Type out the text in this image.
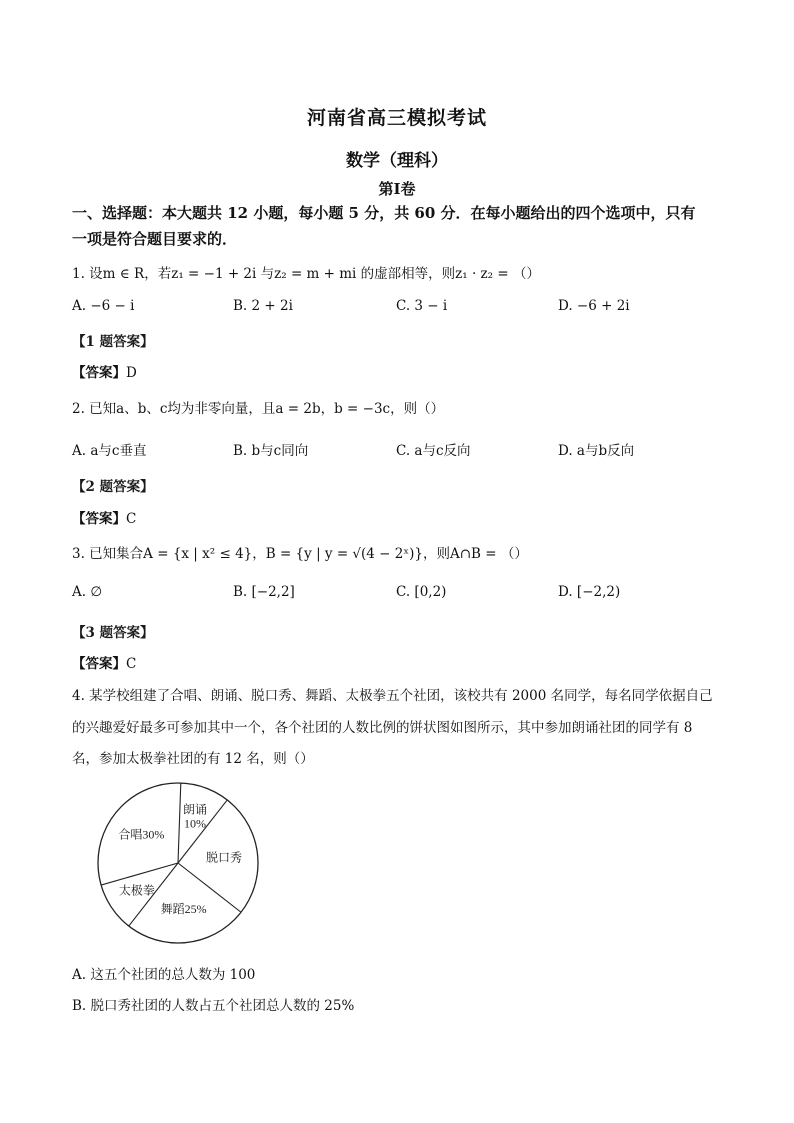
河南省高三模拟考试
数学（理科）
第I卷
一、选择题：本大题共 12 小题，每小题 5 分，共 60 分．在每小题给出的四个选项中，只有
一项是符合题目要求的．
1. 设m ∈ R，若z₁ = −1 + 2i 与z₂ = m + mi 的虚部相等，则z₁ · z₂ = （）
A. −6 − i	B. 2 + 2i	C. 3 − i	D. −6 + 2i
【1 题答案】
【答案】D
2. 已知a、b、c均为非零向量，且a = 2b，b = −3c，则（）
A. a与c垂直	B. b与c同向	C. a与c反向	D. a与b反向
【2 题答案】
【答案】C
3. 已知集合A = {x | x² ≤ 4}，B = {y | y = √(4 − 2ˣ)}，则A∩B = （）
A. ∅	B. [−2,2]	C. [0,2)	D. [−2,2)
【3 题答案】
【答案】C
4. 某学校组建了合唱、朗诵、脱口秀、舞蹈、太极拳五个社团，该校共有 2000 名同学，每名同学依据自己
的兴趣爱好最多可参加其中一个，各个社团的人数比例的饼状图如图所示，其中参加朗诵社团的同学有 8
名，参加太极拳社团的有 12 名，则（）
朗诵 10%
脱口秀
舞蹈25%
太极拳
合唱30%
A. 这五个社团的总人数为 100
B. 脱口秀社团的人数占五个社团总人数的 25%
